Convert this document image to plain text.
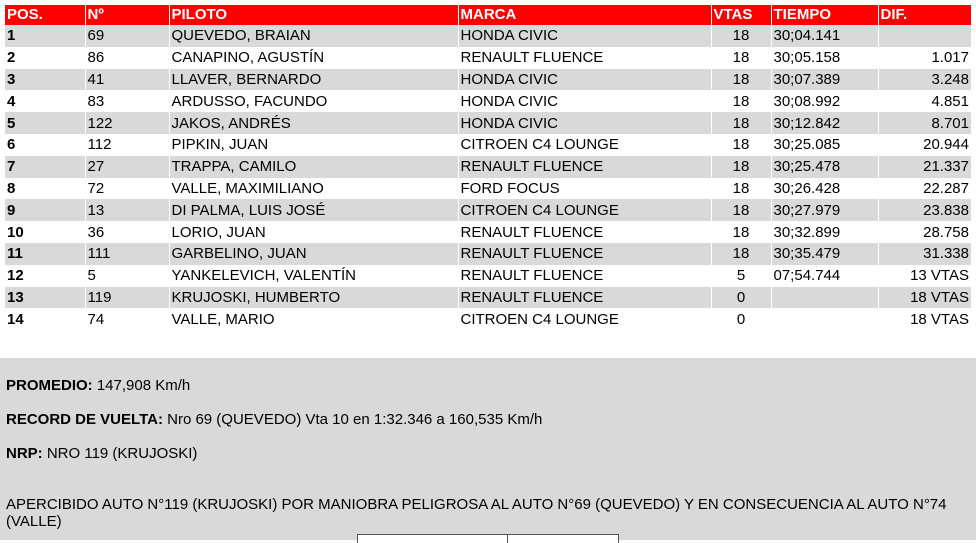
POS.	Nº	PILOTO	MARCA	VTAS	TIEMPO	DIF.
1	69	QUEVEDO, BRAIAN	HONDA CIVIC	18	30;04.141	
2	86	CANAPINO, AGUSTÍN	RENAULT FLUENCE	18	30;05.158	1.017
3	41	LLAVER, BERNARDO	HONDA CIVIC	18	30;07.389	3.248
4	83	ARDUSSO, FACUNDO	HONDA CIVIC	18	30;08.992	4.851
5	122	JAKOS, ANDRÉS	HONDA CIVIC	18	30;12.842	8.701
6	112	PIPKIN, JUAN	CITROEN C4 LOUNGE	18	30;25.085	20.944
7	27	TRAPPA, CAMILO	RENAULT FLUENCE	18	30;25.478	21.337
8	72	VALLE, MAXIMILIANO	FORD FOCUS	18	30;26.428	22.287
9	13	DI PALMA, LUIS JOSÉ	CITROEN C4 LOUNGE	18	30;27.979	23.838
10	36	LORIO, JUAN	RENAULT FLUENCE	18	30;32.899	28.758
11	111	GARBELINO, JUAN	RENAULT FLUENCE	18	30;35.479	31.338
12	5	YANKELEVICH, VALENTÍN	RENAULT FLUENCE	5	07;54.744	13 VTAS
13	119	KRUJOSKI, HUMBERTO	RENAULT FLUENCE	0		18 VTAS
14	74	VALLE, MARIO	CITROEN C4 LOUNGE	0		18 VTAS

PROMEDIO: 147,908 Km/h

RECORD DE VUELTA: Nro 69 (QUEVEDO) Vta 10 en 1:32.346 a 160,535 Km/h

NRP: NRO 119 (KRUJOSKI)

APERCIBIDO AUTO N°119 (KRUJOSKI) POR MANIOBRA PELIGROSA AL AUTO N°69 (QUEVEDO) Y EN CONSECUENCIA AL AUTO N°74 (VALLE)
